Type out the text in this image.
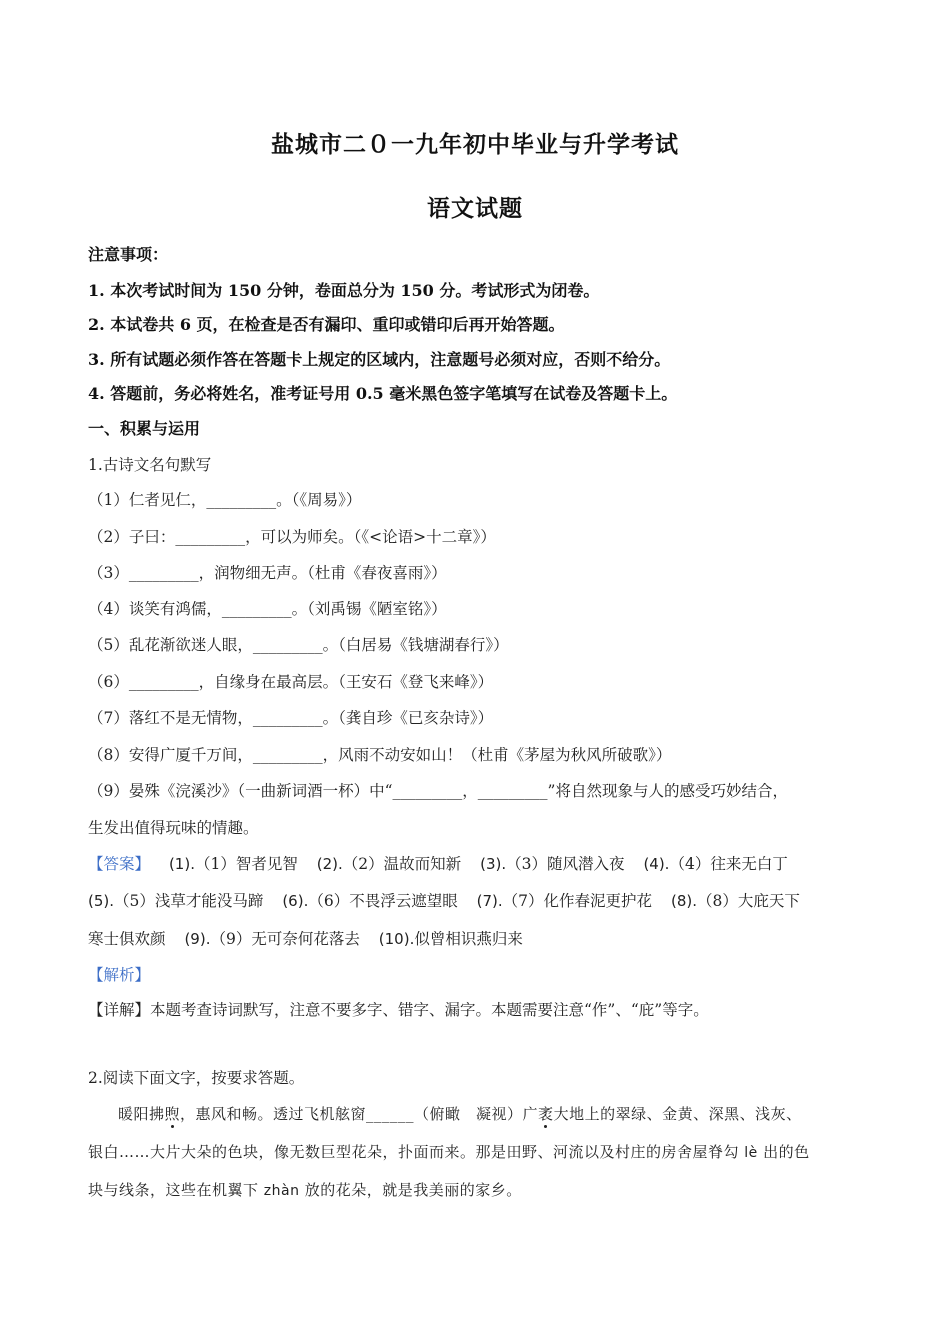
盐城市二０一九年初中毕业与升学考试
语文试题
注意事项：
1. 本次考试时间为 150 分钟，卷面总分为 150 分。考试形式为闭卷。
2. 本试卷共 6 页，在检查是否有漏印、重印或错印后再开始答题。
3. 所有试题必须作答在答题卡上规定的区域内，注意题号必须对应，否则不给分。
4. 答题前，务必将姓名，准考证号用 0.5 毫米黑色签字笔填写在试卷及答题卡上。
一、积累与运用
1.古诗文名句默写
（1）仁者见仁，_________。（《周易》）
（2）子曰：_________，可以为师矣。（《<论语>十二章》）
（3）_________，润物细无声。（杜甫《春夜喜雨》）
（4）谈笑有鸿儒，_________。（刘禹锡《陋室铭》）
（5）乱花渐欲迷人眼，_________。（白居易《钱塘湖春行》）
（6）_________，自缘身在最高层。（王安石《登飞来峰》）
（7）落红不是无情物，_________。（龚自珍《已亥杂诗》）
（8）安得广厦千万间，_________，风雨不动安如山！（杜甫《茅屋为秋风所破歌》）
（9）晏殊《浣溪沙》（一曲新词酒一杯）中“_________，_________”将自然现象与人的感受巧妙结合，
生发出值得玩味的情趣。
【答案】 (1).（1）智者见智 (2).（2）温故而知新 (3).（3）随风潜入夜 (4).（4）往来无白丁
(5).（5）浅草才能没马蹄 (6).（6）不畏浮云遮望眼 (7).（7）化作春泥更护花 (8).（8）大庇天下
寒士俱欢颜 (9).（9）无可奈何花落去 (10).似曾相识燕归来
【解析】
【详解】本题考查诗词默写，注意不要多字、错字、漏字。本题需要注意“作”、“庇”等字。
2.阅读下面文字，按要求答题。
暖阳拂煦，惠风和畅。透过飞机舷窗______（俯瞰　凝视）广袤大地上的翠绿、金黄、深黑、浅灰、
银白……大片大朵的色块，像无数巨型花朵，扑面而来。那是田野、河流以及村庄的房舍屋脊勾 lè 出的色
块与线条，这些在机翼下 zhàn 放的花朵，就是我美丽的家乡。
